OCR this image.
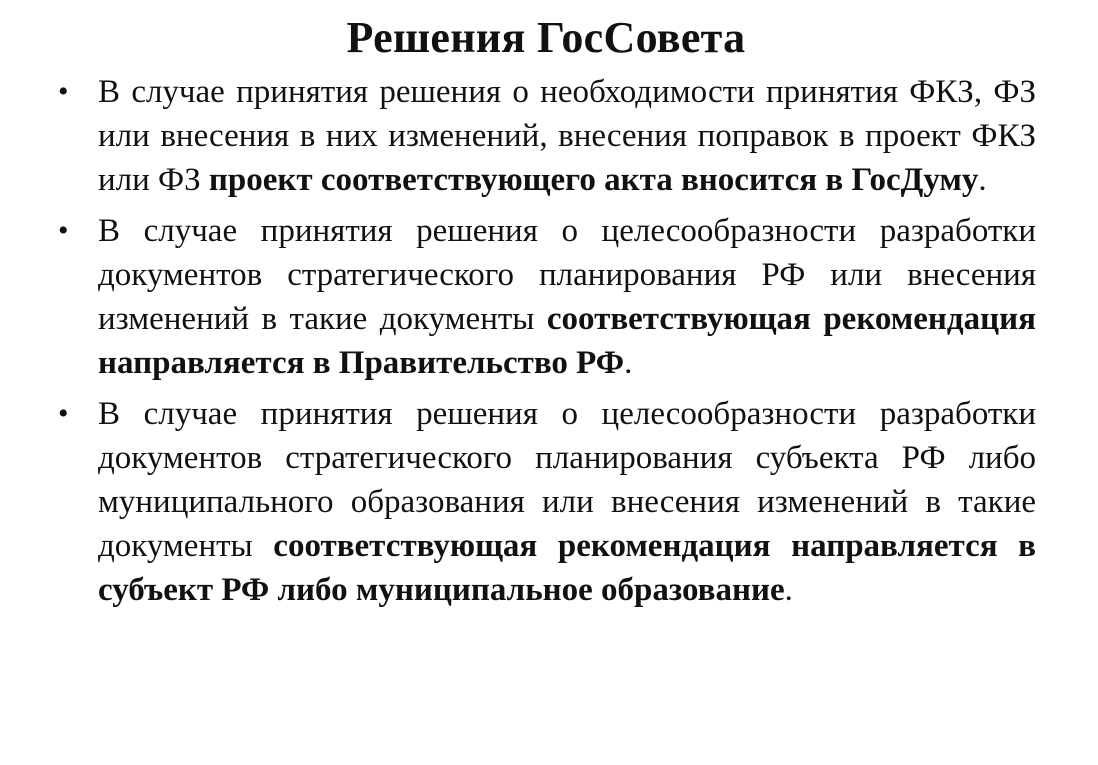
Решения ГосСовета
• В случае принятия решения о необходимости принятия ФКЗ, ФЗ или внесения в них изменений, внесения поправок в проект ФКЗ или ФЗ проект соответствующего акта вносится в ГосДуму.
• В случае принятия решения о целесообразности разработки документов стратегического планирования РФ или внесения изменений в такие документы соответствующая рекомендация направляется в Правительство РФ.
• В случае принятия решения о целесообразности разработки документов стратегического планирования субъекта РФ либо муниципального образования или внесения изменений в такие документы соответствующая рекомендация направляется в субъект РФ либо муниципальное образование.
